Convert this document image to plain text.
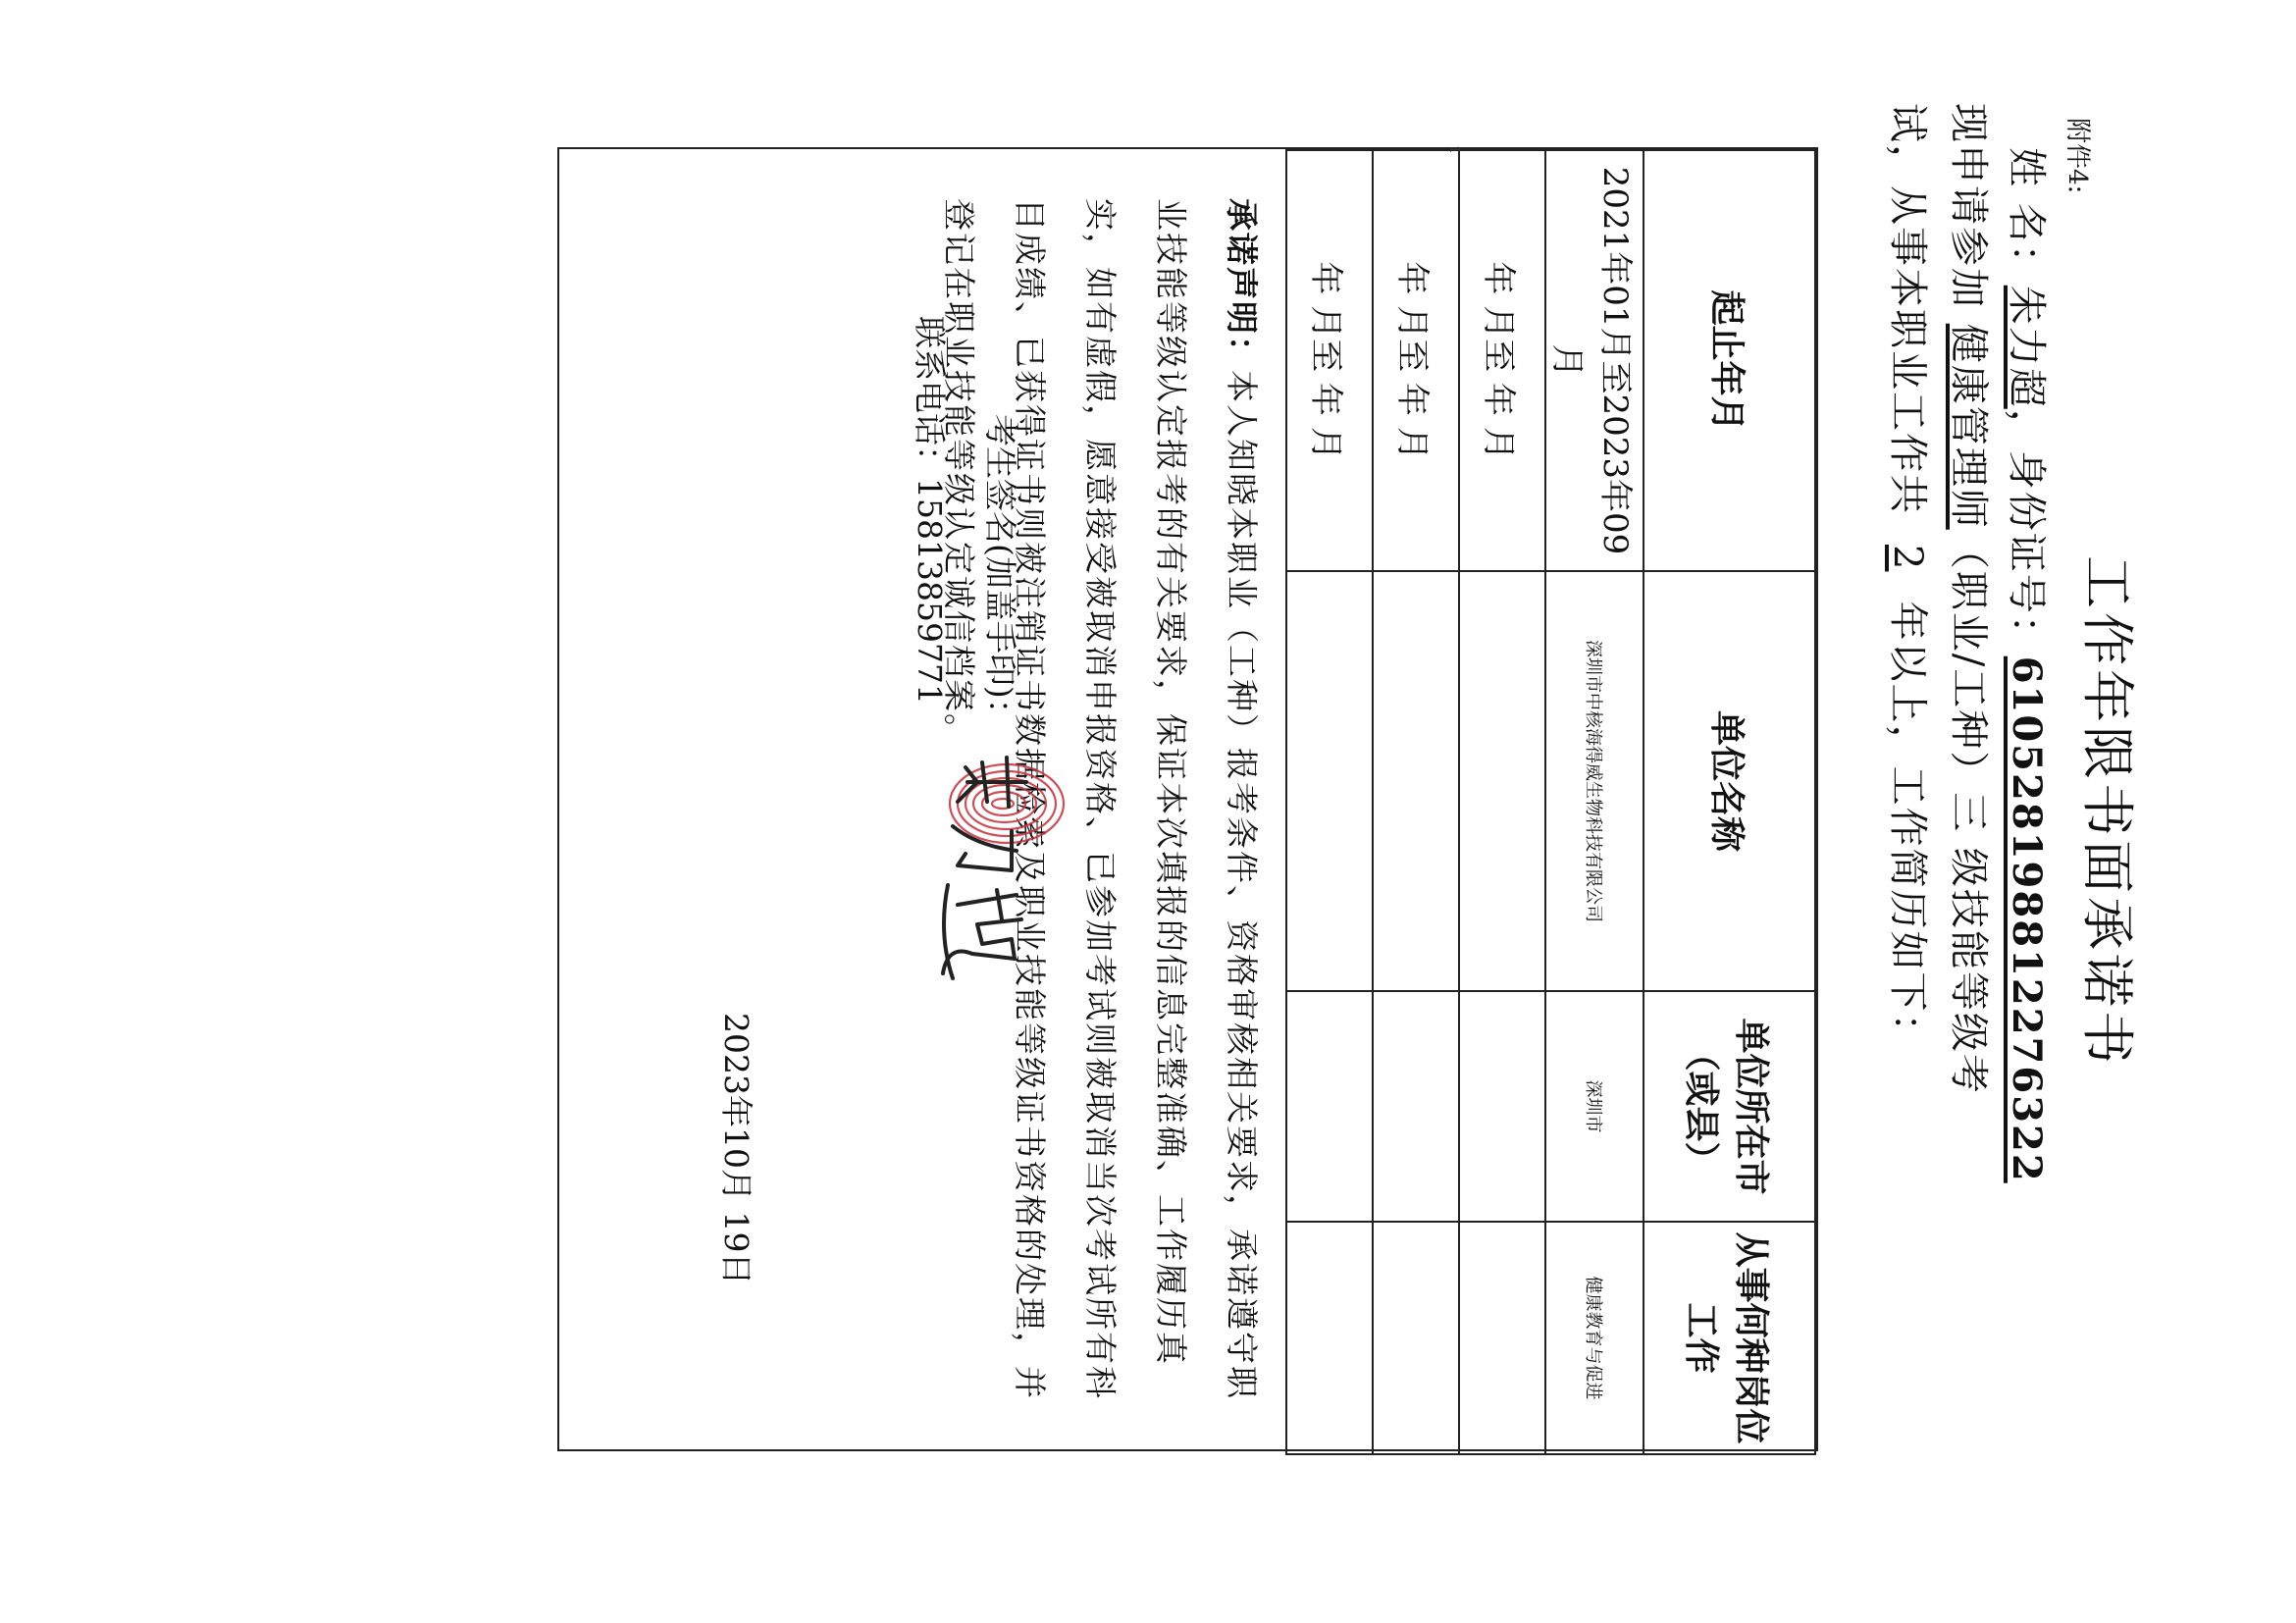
附件4:
工作年限书面承诺书
姓 名：朱力超，身份证号：610528198812276322
现申请参加 健康管理师（职业/工种）三 级技能等级考
试，从事本职业工作共2年以上，工作简历如下：
起止年月	单位名称	单位所在市（或县）	从事何种岗位工作
2021年01月至2023年09月	深圳市中核海得威生物科技有限公司	深圳市	健康教育与促进
年 月至 年 月			
年 月至 年 月			
年 月至 年 月			
承诺声明：本人知晓本职业（工种）报考条件、资格审核相关要求，承诺遵守职业技能等级认定报考的有关要求，保证本次填报的信息完整准确、工作履历真实，如有虚假，愿意接受被取消申报资格、已参加考试则被取消当次考试所有科目成绩、已获得证书则被注销证书数据检索及职业技能等级证书资格的处理，并登记在职业技能等级认定诚信档案。 考生签名(加盖手印)：
联系电话：15813859771
2023年10月 19日
1
